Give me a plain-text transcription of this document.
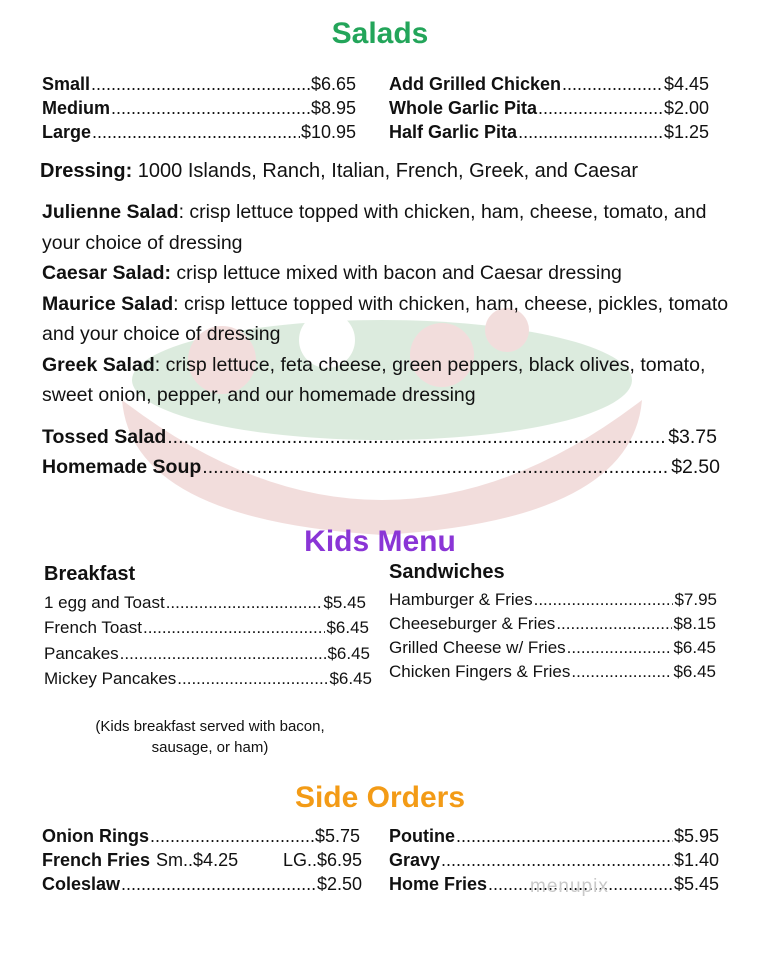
Salads
Small .....	$6.65
Medium .....	$8.95
Large .....	$10.95
Add Grilled Chicken .....	$4.45
Whole Garlic Pita .....	$2.00
Half Garlic Pita .....	$1.25
Dressing: 1000 Islands, Ranch, Italian, French, Greek, and Caesar
Julienne Salad: crisp lettuce topped with chicken, ham, cheese, tomato, and your choice of dressing
Caesar Salad: crisp lettuce mixed with bacon and Caesar dressing
Maurice Salad: crisp lettuce topped with chicken, ham, cheese, pickles, tomato and your choice of dressing
Greek Salad: crisp lettuce, feta cheese, green peppers, black olives, tomato, sweet onion, pepper, and our homemade dressing
Tossed Salad .....	$3.75
Homemade Soup .....	$2.50
Kids Menu
Breakfast
1 egg and Toast .....	$5.45
French Toast .....	$6.45
Pancakes .....	$6.45
Mickey Pancakes .....	$6.45
Sandwiches
Hamburger & Fries .....	$7.95
Cheeseburger & Fries .....	$8.15
Grilled Cheese w/ Fries .....	$6.45
Chicken Fingers & Fries .....	$6.45
(Kids breakfast served with bacon,
sausage, or ham)
Side Orders
Onion Rings .....	$5.75
French Fries Sm..$4.25 LG..$6.95
Coleslaw .....	$2.50
Poutine .....	$5.95
Gravy .....	$1.40
Home Fries .....	$5.45
menupix
